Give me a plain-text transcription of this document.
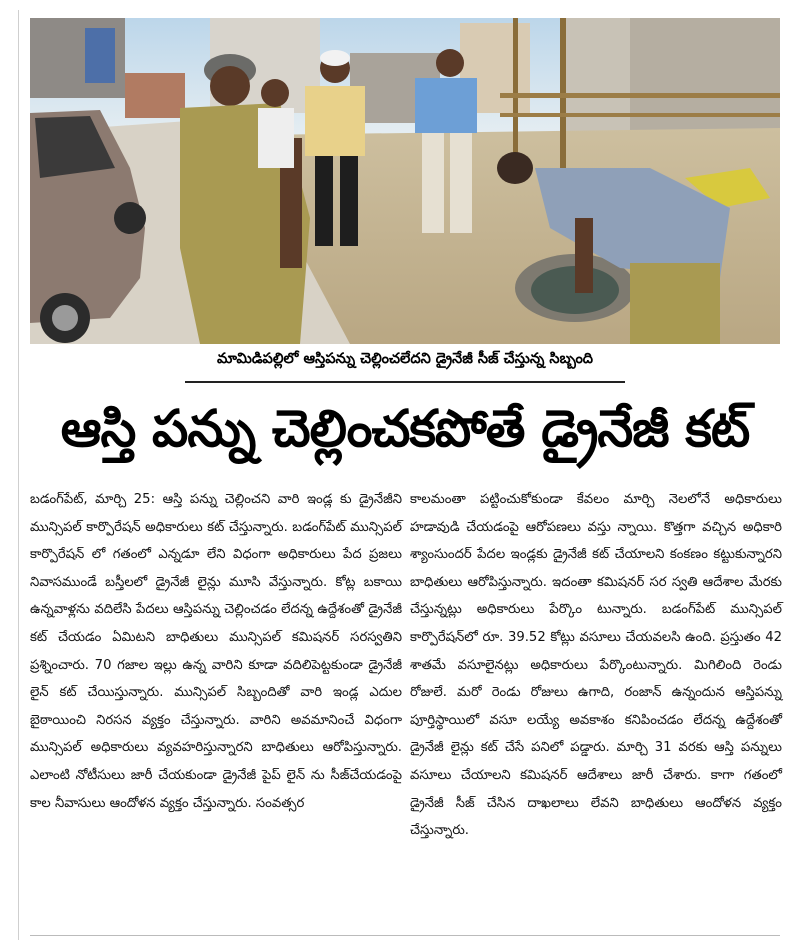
మామిడిపల్లిలో ఆస్తిపన్ను చెల్లించలేదని డ్రైనేజీ సీజ్ చేస్తున్న సిబ్బంది
ఆస్తి పన్ను చెల్లించకపోతే డ్రైనేజీ కట్

బడంగ్‌పేట్, మార్చి 25: ఆస్తి పన్ను చెల్లించని వారి ఇండ్ల కు డ్రైనేజీని మున్సిపల్ కార్పొరేషన్ అధికారులు కట్ చేస్తున్నారు. బడంగ్‌పేట్ మున్సిపల్ కార్పొరేషన్ లో గతంలో ఎన్నడూ లేని విధంగా అధికారులు పేద ప్రజలు నివాసముండే బస్తీలలో డ్రైనేజీ లైన్లు మూసి వేస్తున్నారు. కోట్ల బకాయి ఉన్నవాళ్లను వదిలేసి పేదలు ఆస్తిపన్ను చెల్లించడం లేదన్న ఉద్దేశంతో డ్రైనేజీ కట్ చేయడం ఏమిటని బాధితులు మున్సిపల్ కమిషనర్ సరస్వతిని ప్రశ్నించారు. 70 గజాల ఇల్లు ఉన్న వారిని కూడా వదిలిపెట్టకుండా డ్రైనేజీ లైన్ కట్ చేయిస్తున్నారు. మున్సిపల్ సిబ్బందితో వారి ఇండ్ల ఎదుల బైఠాయించి నిరసన వ్యక్తం చేస్తున్నారు. వారిని అవమానించే విధంగా మున్సిపల్ అధికారులు వ్యవహరిస్తున్నారని బాధితులు ఆరోపిస్తున్నారు. ఎలాంటి నోటీసులు జారీ చేయకుండా డ్రైనేజీ పైప్ లైన్ ను సీజ్‌చేయడంపై కాల నీవాసులు ఆందోళన వ్యక్తం చేస్తున్నారు. సంవత్సర

కాలమంతా పట్టించుకోకుండా కేవలం మార్చి నెలలోనే అధికారులు హడావుడి చేయడంపై ఆరోపణలు వస్తు న్నాయి. కొత్తగా వచ్చిన అధికారి శ్యాంసుందర్ పేదల ఇండ్లకు డ్రైనేజీ కట్ చేయాలని కంకణం కట్టుకున్నారని బాధితులు ఆరోపిస్తున్నారు. ఇదంతా కమిషనర్ సర స్వతి ఆదేశాల మేరకు చేస్తున్నట్లు అధికారులు పేర్కొం టున్నారు. బడంగ్‌పేట్ మున్సిపల్ కార్పొరేషన్‌లో రూ. 39.52 కోట్లు వసూలు చేయవలసి ఉంది. ప్రస్తుతం 42 శాతమే వసూలైనట్లు అధికారులు పేర్కొంటున్నారు. మిగిలింది రెండు రోజులే. మరో రెండు రోజులు ఉగాది, రంజాన్ ఉన్నందున ఆస్తిపన్ను పూర్తిస్థాయిలో వసూ లయ్యే అవకాశం కనిపించడం లేదన్న ఉద్దేశంతో డ్రైనేజీ లైన్లు కట్ చేసే పనిలో పడ్డారు. మార్చి 31 వరకు ఆస్తి పన్నులు వసూలు చేయాలని కమిషనర్ ఆదేశాలు జారీ చేశారు. కాగా గతంలో డ్రైనేజీ సీజ్ చేసిన దాఖలాలు లేవని బాధితులు ఆందోళన వ్యక్తం చేస్తున్నారు.
